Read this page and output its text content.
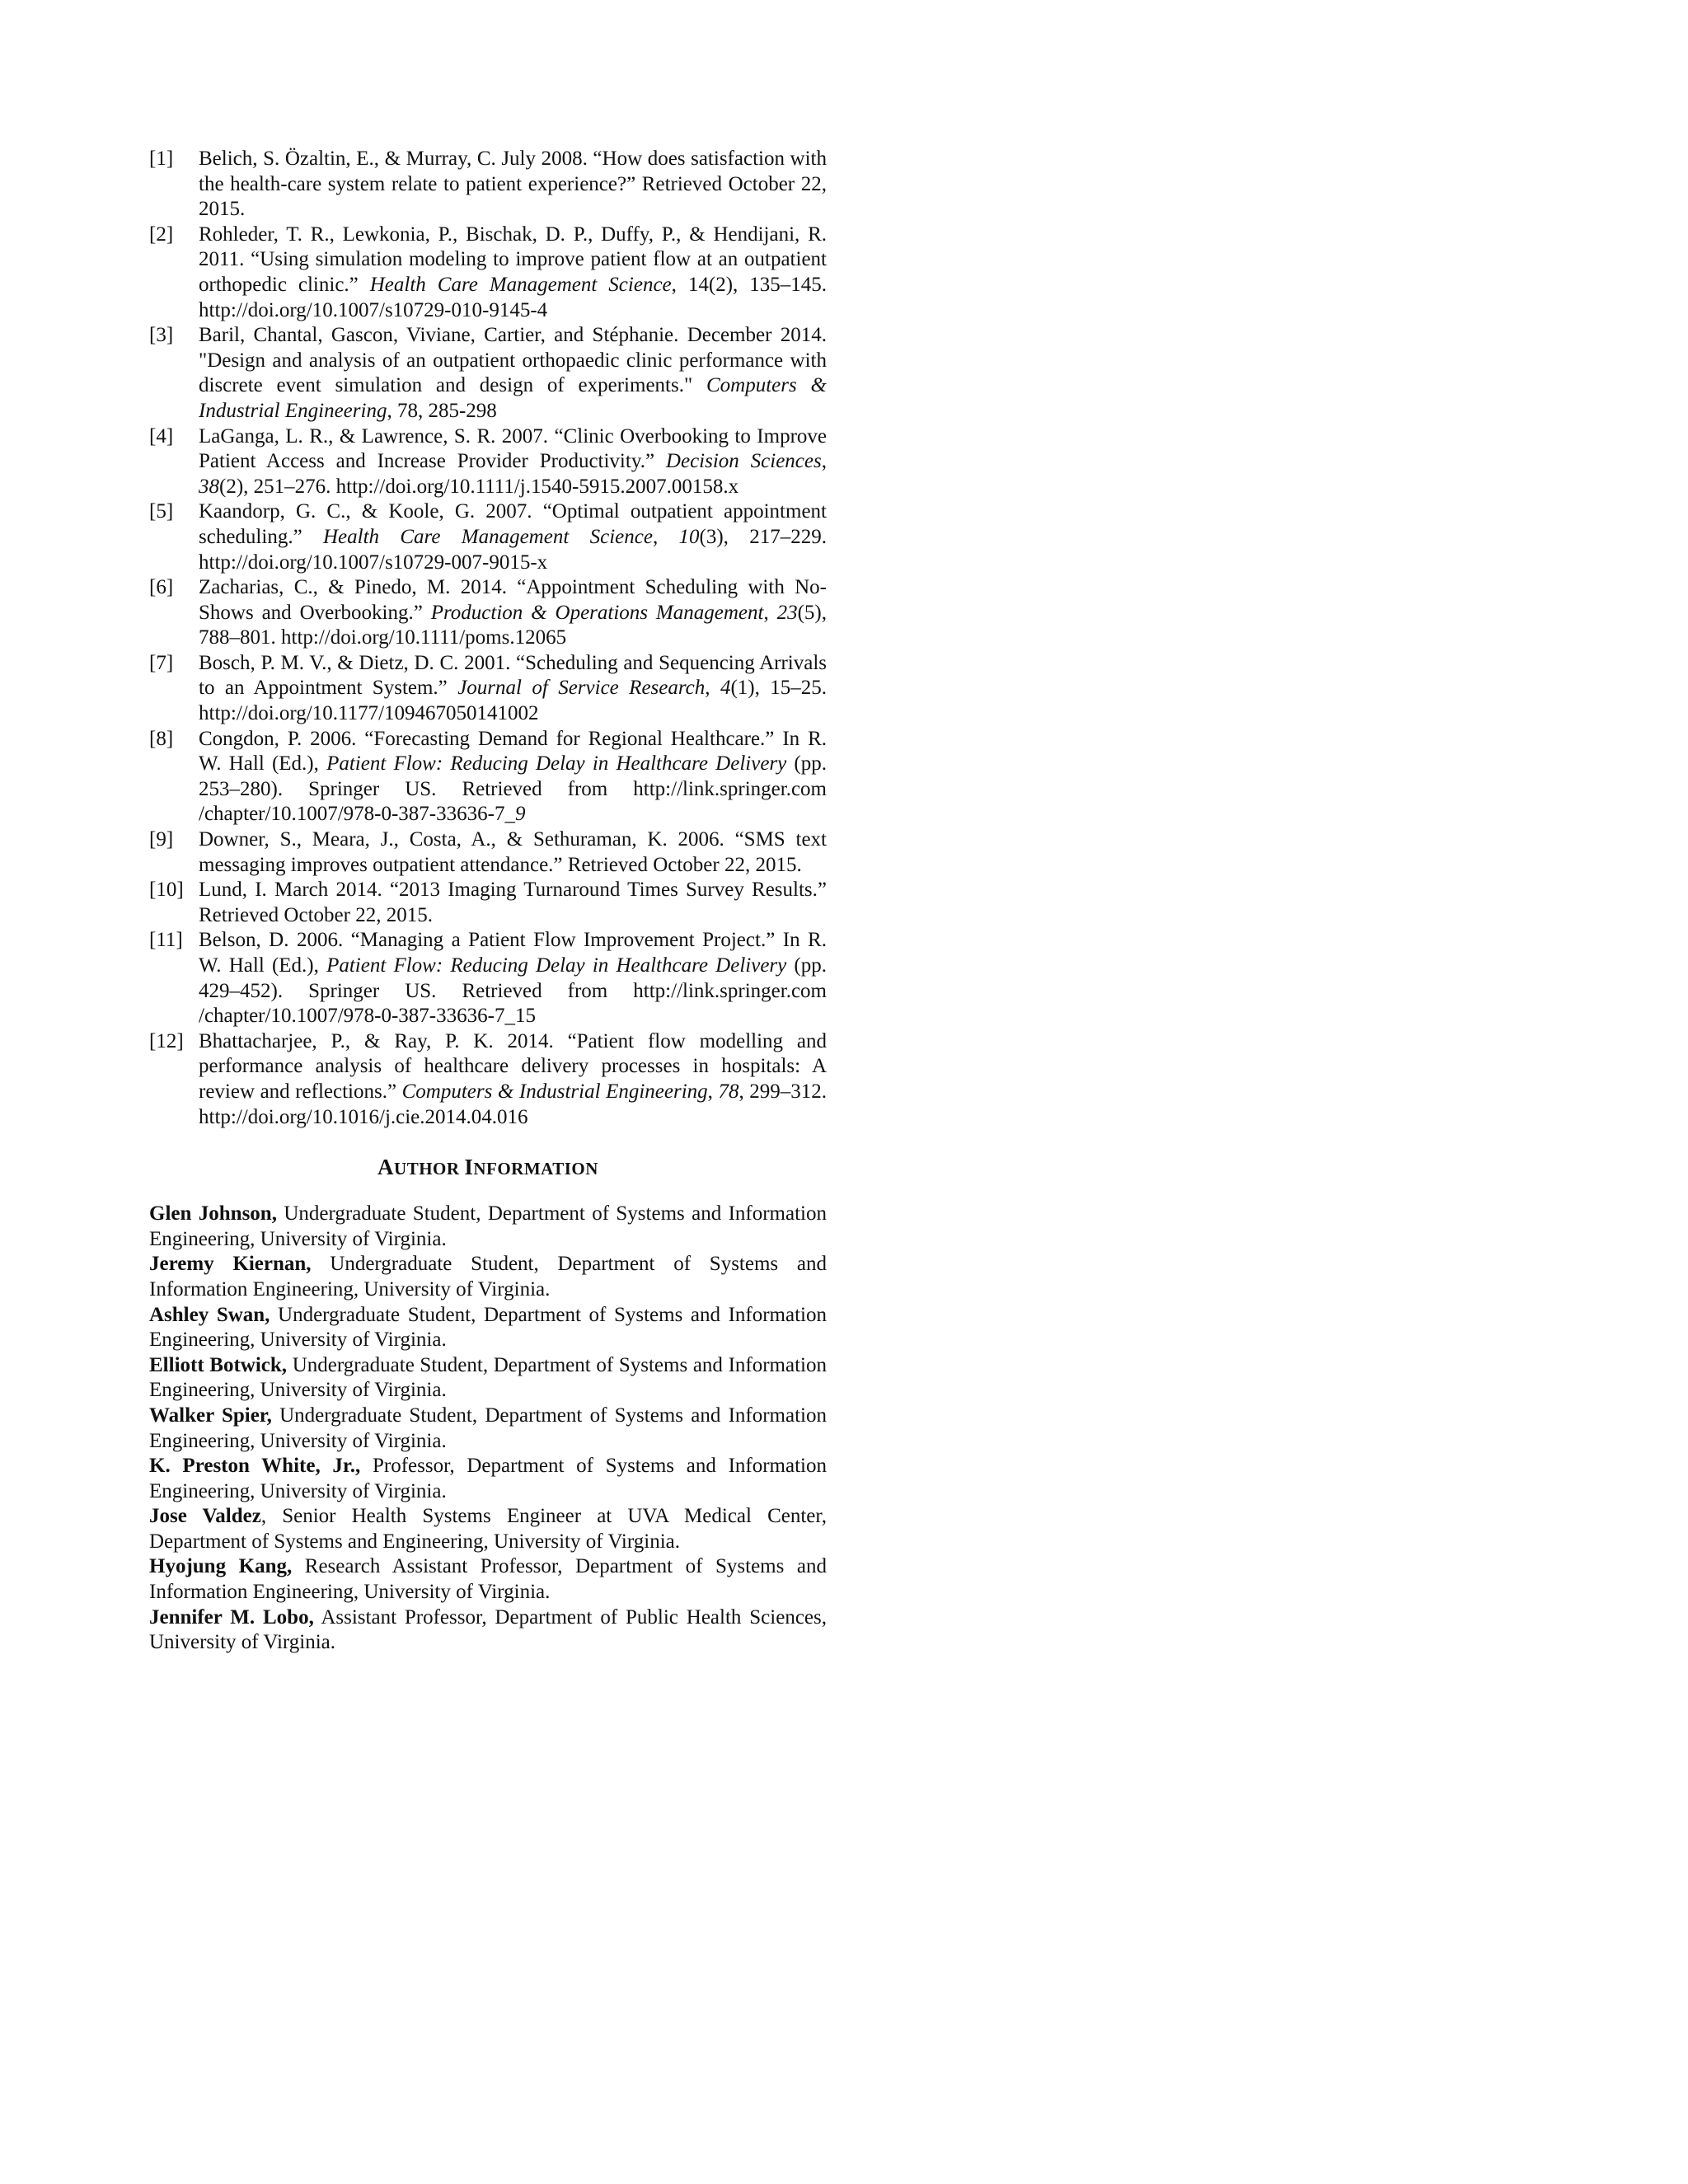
[1]	Belich, S. Özaltin, E., & Murray, C. July 2008. “How does satisfaction with the health-care system relate to patient experience?” Retrieved October 22, 2015.
[2]	Rohleder, T. R., Lewkonia, P., Bischak, D. P., Duffy, P., & Hendijani, R. 2011. “Using simulation modeling to improve patient flow at an outpatient orthopedic clinic.” Health Care Management Science, 14(2), 135–145. http://doi.org/10.1007/s10729-010-9145-4
[3]	Baril, Chantal, Gascon, Viviane, Cartier, and Stéphanie. December 2014. "Design and analysis of an outpatient orthopaedic clinic performance with discrete event simulation and design of experiments." Computers & Industrial Engineering, 78, 285-298
[4]	LaGanga, L. R., & Lawrence, S. R. 2007. “Clinic Overbooking to Improve Patient Access and Increase Provider Productivity.” Decision Sciences, 38(2), 251–276. http://doi.org/10.1111/j.1540-5915.2007.00158.x
[5]	Kaandorp, G. C., & Koole, G. 2007. “Optimal outpatient appointment scheduling.” Health Care Management Science, 10(3), 217–229. http://doi.org/10.1007/s10729-007-9015-x
[6]	Zacharias, C., & Pinedo, M. 2014. “Appointment Scheduling with No-Shows and Overbooking.” Production & Operations Management, 23(5), 788–801. http://doi.org/10.1111/poms.12065
[7]	Bosch, P. M. V., & Dietz, D. C. 2001. “Scheduling and Sequencing Arrivals to an Appointment System.” Journal of Service Research, 4(1), 15–25. http://doi.org/10.1177/109467050141002
[8]	Congdon, P. 2006. “Forecasting Demand for Regional Healthcare.” In R. W. Hall (Ed.), Patient Flow: Reducing Delay in Healthcare Delivery (pp. 253–280). Springer US. Retrieved from http://link.springer.com /chapter/10.1007/978-0-387-33636-7_9
[9]	Downer, S., Meara, J., Costa, A., & Sethuraman, K. 2006. “SMS text messaging improves outpatient attendance.” Retrieved October 22, 2015.
[10] Lund, I. March 2014. “2013 Imaging Turnaround Times Survey Results.” Retrieved October 22, 2015.
[11] Belson, D. 2006. “Managing a Patient Flow Improvement Project.” In R. W. Hall (Ed.), Patient Flow: Reducing Delay in Healthcare Delivery (pp. 429–452). Springer US. Retrieved from http://link.springer.com /chapter/10.1007/978-0-387-33636-7_15
[12] Bhattacharjee, P., & Ray, P. K. 2014. “Patient flow modelling and performance analysis of healthcare delivery processes in hospitals: A review and reflections.” Computers & Industrial Engineering, 78, 299–312. http://doi.org/10.1016/j.cie.2014.04.016
AUTHOR INFORMATION

Glen Johnson, Undergraduate Student, Department of Systems and Information Engineering, University of Virginia.

Jeremy Kiernan, Undergraduate Student, Department of Systems and Information Engineering, University of Virginia.

Ashley Swan, Undergraduate Student, Department of Systems and Information Engineering, University of Virginia.

Elliott Botwick, Undergraduate Student, Department of Systems and Information Engineering, University of Virginia.

Walker Spier, Undergraduate Student, Department of Systems and Information Engineering, University of Virginia.

K. Preston White, Jr., Professor, Department of Systems and Information Engineering, University of Virginia.

Jose Valdez, Senior Health Systems Engineer at UVA Medical Center, Department of Systems and Engineering, University of Virginia.

Hyojung Kang, Research Assistant Professor, Department of Systems and Information Engineering, University of Virginia.

Jennifer M. Lobo, Assistant Professor, Department of Public Health Sciences, University of Virginia.
